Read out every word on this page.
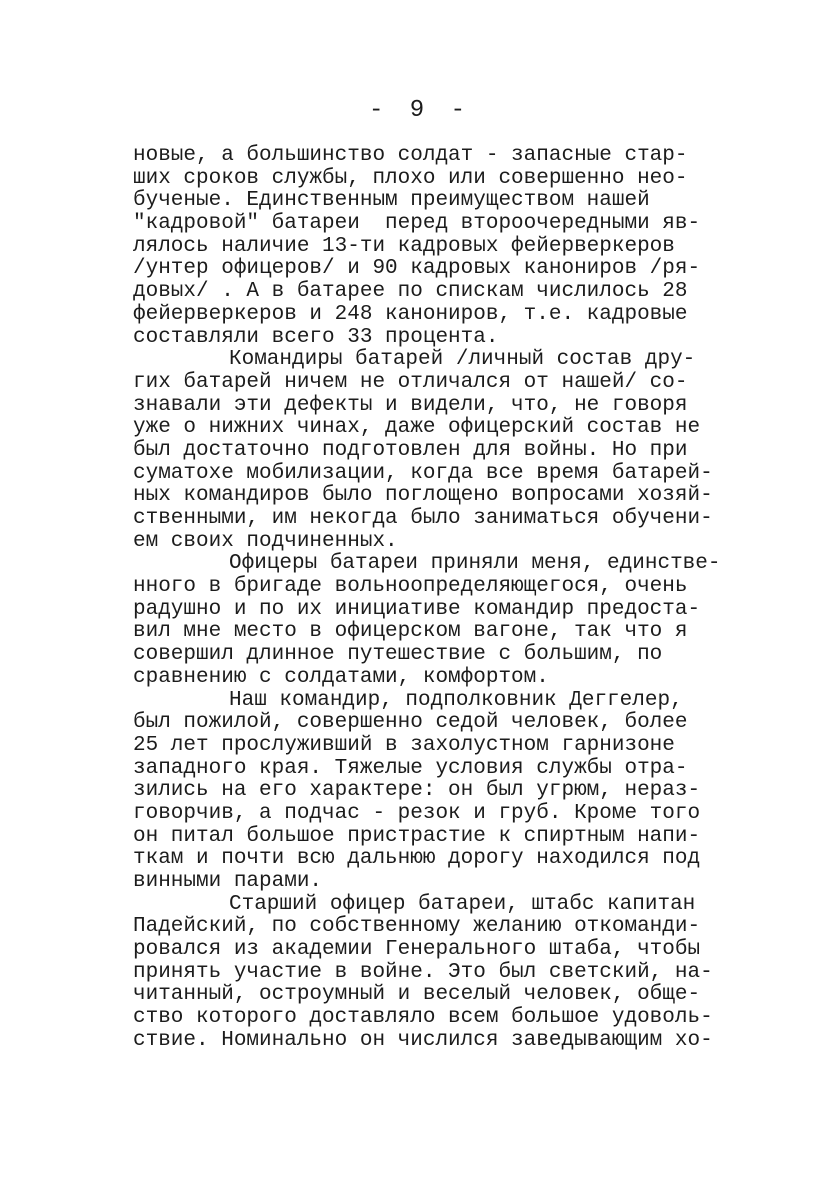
- 9 -
новые, а большинство солдат - запасные стар-
ших сроков службы, плохо или совершенно нео-
бученые. Единственным преимуществом нашей
"кадровой" батареи  перед второочередными яв-
лялось наличие 13-ти кадровых фейерверкеров
/унтер офицеров/ и 90 кадровых канониров /ря-
довых/ . А в батарее по спискам числилось 28
фейерверкеров и 248 канониров, т.е. кадровые
составляли всего 33 процента.
Командиры батарей /личный состав дру-
гих батарей ничем не отличался от нашей/ со-
знавали эти дефекты и видели, что, не говоря
уже о нижних чинах, даже офицерский состав не
был достаточно подготовлен для войны. Но при
суматохе мобилизации, когда все время батарей-
ных командиров было поглощено вопросами хозяй-
ственными, им некогда было заниматься обучени-
ем своих подчиненных.
Офицеры батареи приняли меня, единстве-
нного в бригаде вольноопределяющегося, очень
радушно и по их инициативе командир предоста-
вил мне место в офицерском вагоне, так что я
совершил длинное путешествие с большим, по
сравнению с солдатами, комфортом.
Наш командир, подполковник Деггелер,
был пожилой, совершенно седой человек, более
25 лет прослуживший в захолустном гарнизоне
западного края. Тяжелые условия службы отра-
зились на его характере: он был угрюм, нераз-
говорчив, а подчас - резок и груб. Кроме того
он питал большое пристрастие к спиртным напи-
ткам и почти всю дальнюю дорогу находился под
винными парами.
Старший офицер батареи, штабс капитан
Падейский, по собственному желанию откоманди-
ровался из академии Генерального штаба, чтобы
принять участие в войне. Это был светский, на-
читанный, остроумный и веселый человек, обще-
ство которого доставляло всем большое удоволь-
ствие. Номинально он числился заведывающим хо-
